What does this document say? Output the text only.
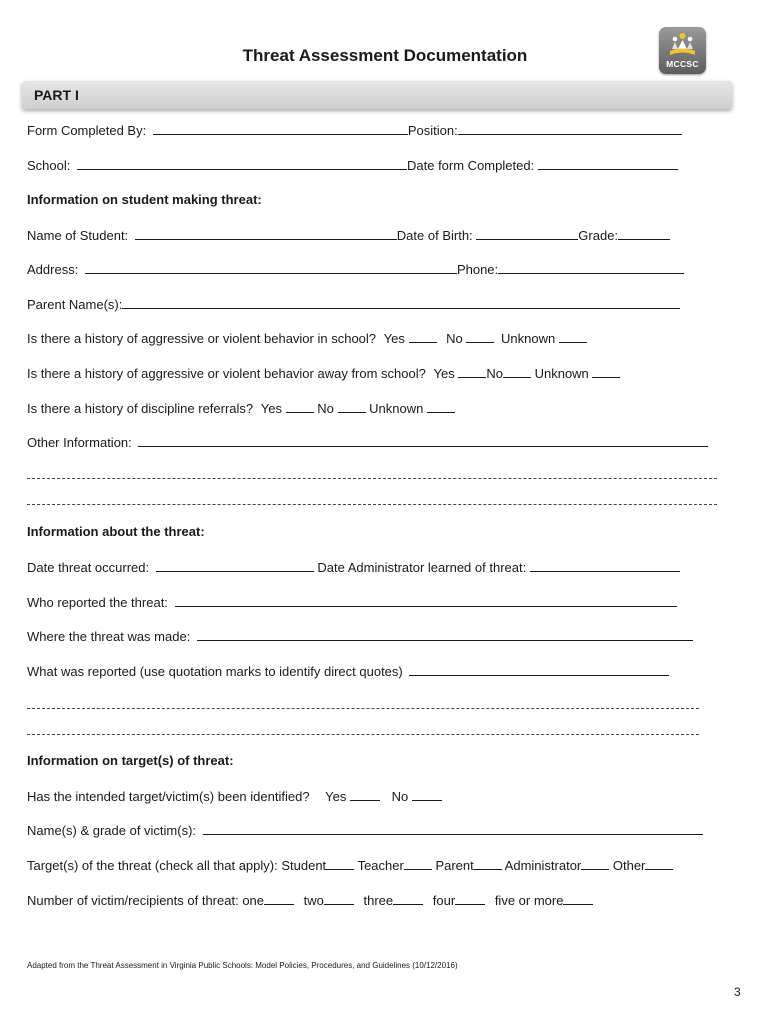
Threat Assessment Documentation	MCCSC
PART I
Form Completed By:	Position:
School:	Date form Completed:
Information on student making threat:
Name of Student:	Date of Birth:	Grade:
Address:	Phone:
Parent Name(s):
Is there a history of aggressive or violent behavior in school? Yes	No	Unknown
Is there a history of aggressive or violent behavior away from school? Yes No Unknown
Is there a history of discipline referrals? Yes	No	Unknown
Other Information:
Information about the threat:
Date threat occurred:	Date Administrator learned of threat:
Who reported the threat:
Where the threat was made:
What was reported (use quotation marks to identify direct quotes)
Information on target(s) of threat:
Has the intended target/victim(s) been identified? Yes	No
Name(s) & grade of victim(s):
Target(s) of the threat (check all that apply): Student Teacher Parent Administrator Other
Number of victim/recipients of threat: one	two	three	four	five or more
Adapted from the Threat Assessment in Virginia Public Schools: Model Policies, Procedures, and Guidelines (10/12/2016)
3
